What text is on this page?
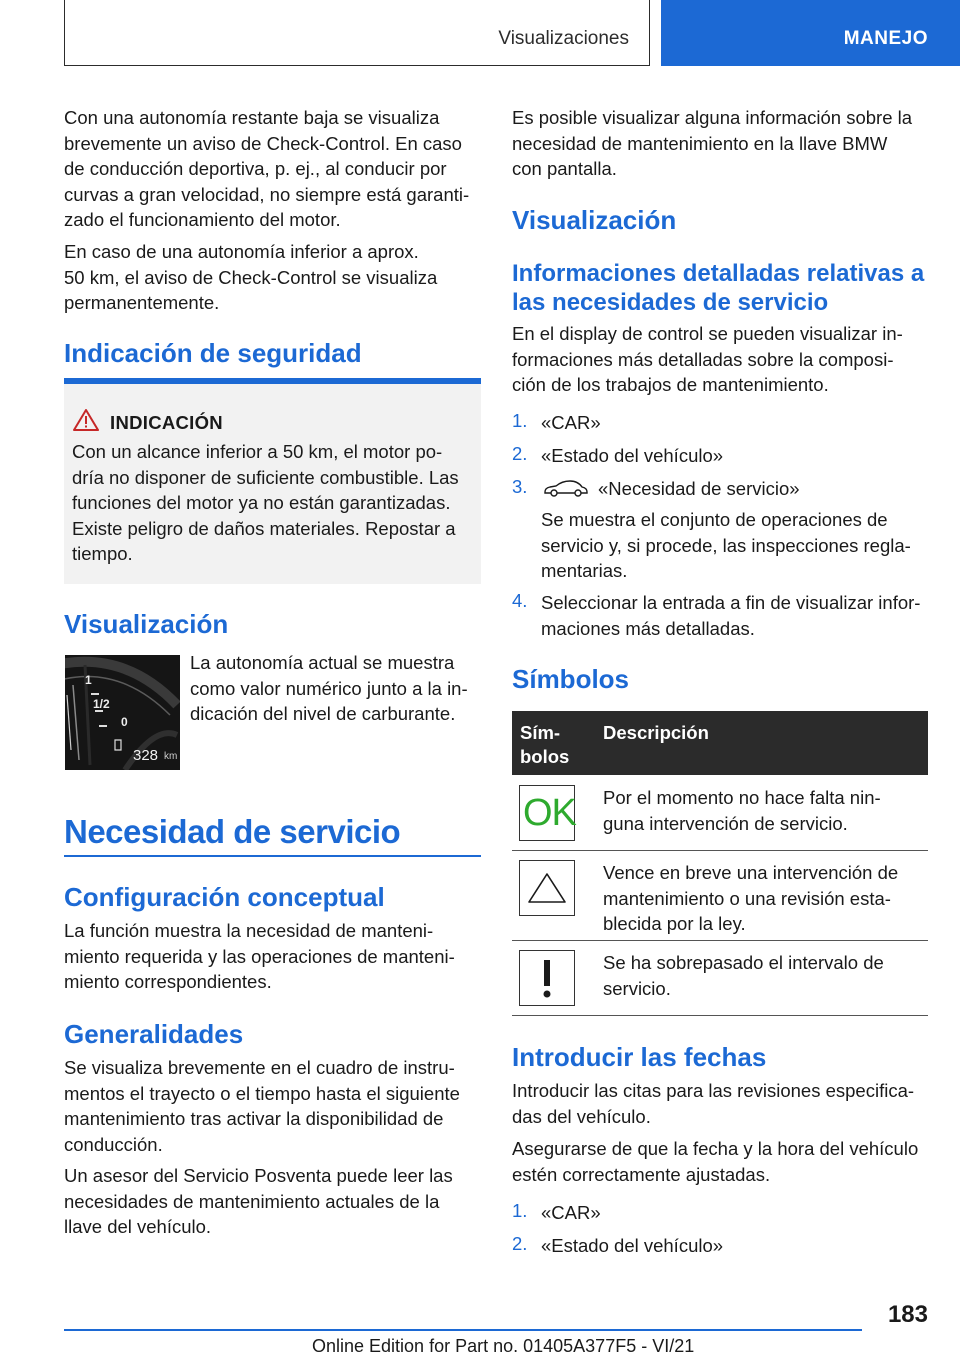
Visualizaciones	MANEJO

Con una autonomía restante baja se visualiza

brevemente un aviso de Check-Control. En caso

de conducción deportiva, p. ej., al conducir por

curvas a gran velocidad, no siempre está garanti-

zado el funcionamiento del motor.

En caso de una autonomía inferior a aprox.

50 km, el aviso de Check-Control se visualiza

permanentemente.

Indicación de seguridad
INDICACIÓN

Con un alcance inferior a 50 km, el motor po-

dría no disponer de suficiente combustible. Las

funciones del motor ya no están garantizadas.

Existe peligro de daños materiales. Repostar a

tiempo.

Visualización
1
1/2
0
328 km

La autonomía actual se muestra

como valor numérico junto a la in-

dicación del nivel de carburante.

Necesidad de servicio
Configuración conceptual

La función muestra la necesidad de manteni-

miento requerida y las operaciones de manteni-

miento correspondientes.

Generalidades

Se visualiza brevemente en el cuadro de instru-

mentos el trayecto o el tiempo hasta el siguiente

mantenimiento tras activar la disponibilidad de

conducción.

Un asesor del Servicio Posventa puede leer las

necesidades de mantenimiento actuales de la

llave del vehículo.

Es posible visualizar alguna información sobre la

necesidad de mantenimiento en la llave BMW

con pantalla.

Visualización
Informaciones detalladas relativas a
las necesidades de servicio

En el display de control se pueden visualizar in-

formaciones más detalladas sobre la composi-

ción de los trabajos de mantenimiento.

1. «CAR»
2. «Estado del vehículo»
3.	«Necesidad de servicio»

Se muestra el conjunto de operaciones de

servicio y, si procede, las inspecciones regla-

mentarias.

4. Seleccionar la entrada a fin de visualizar infor-

maciones más detalladas.

Símbolos
Sím-
bolos
Descripción
OK Por el momento no hace falta nin-

guna intervención de servicio.

Vence en breve una intervención de

mantenimiento o una revisión esta-

blecida por la ley.

Se ha sobrepasado el intervalo de

servicio.

Introducir las fechas

Introducir las citas para las revisiones especifica-

das del vehículo.

Asegurarse de que la fecha y la hora del vehículo

estén correctamente ajustadas.

1. «CAR»
2. «Estado del vehículo»
183
Online Edition for Part no. 01405A377F5 - VI/21
